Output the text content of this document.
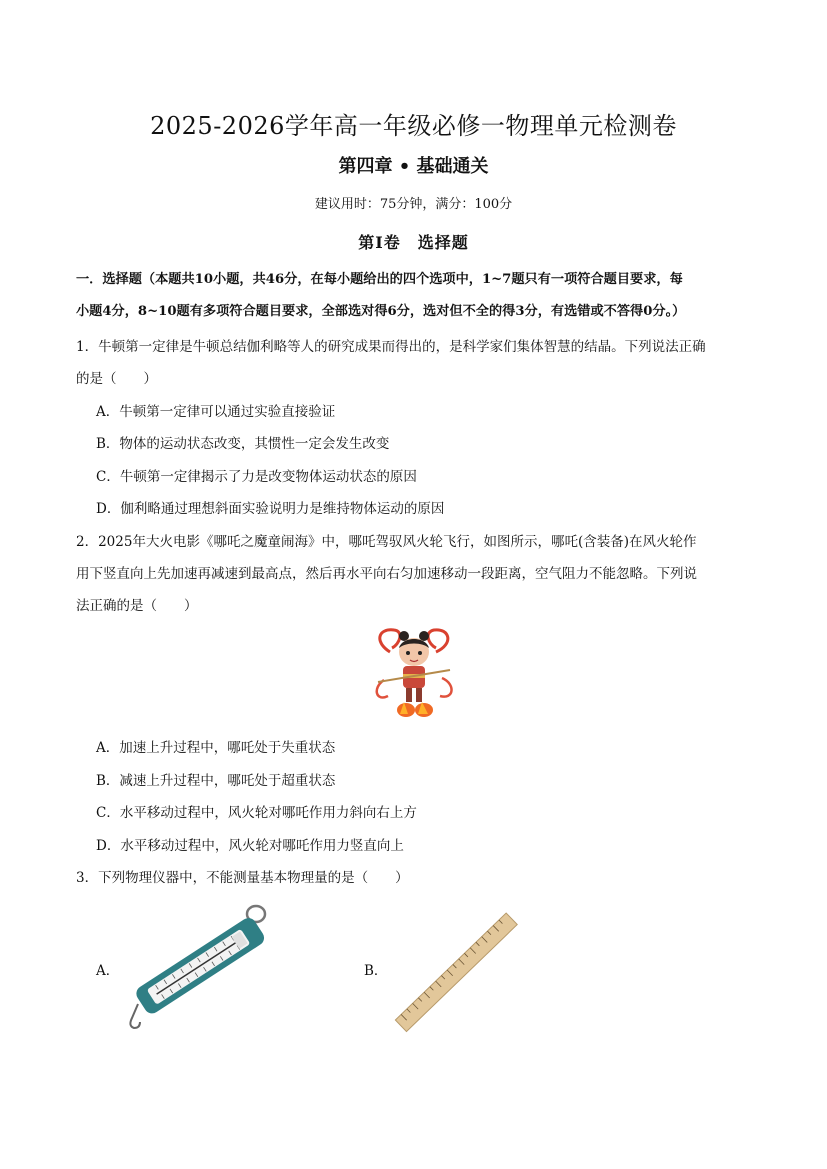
2025-2026学年高一年级必修一物理单元检测卷
第四章 • 基础通关
建议用时：75分钟，满分：100分
第Ⅰ卷　选择题
一．选择题（本题共10小题，共46分，在每小题给出的四个选项中，1~7题只有一项符合题目要求，每
小题4分，8~10题有多项符合题目要求，全部选对得6分，选对但不全的得3分，有选错或不答得0分。）
1．牛顿第一定律是牛顿总结伽利略等人的研究成果而得出的，是科学家们集体智慧的结晶。下列说法正确
的是（　　）
A．牛顿第一定律可以通过实验直接验证
B．物体的运动状态改变，其惯性一定会发生改变
C．牛顿第一定律揭示了力是改变物体运动状态的原因
D．伽利略通过理想斜面实验说明力是维持物体运动的原因
2．2025年大火电影《哪吒之魔童闹海》中，哪吒驾驭风火轮飞行，如图所示，哪吒(含装备)在风火轮作
用下竖直向上先加速再减速到最高点，然后再水平向右匀加速移动一段距离，空气阻力不能忽略。下列说
法正确的是（　　）
A．加速上升过程中，哪吒处于失重状态
B．减速上升过程中，哪吒处于超重状态
C．水平移动过程中，风火轮对哪吒作用力斜向右上方
D．水平移动过程中，风火轮对哪吒作用力竖直向上
3．下列物理仪器中，不能测量基本物理量的是（　　）
A．	B．
